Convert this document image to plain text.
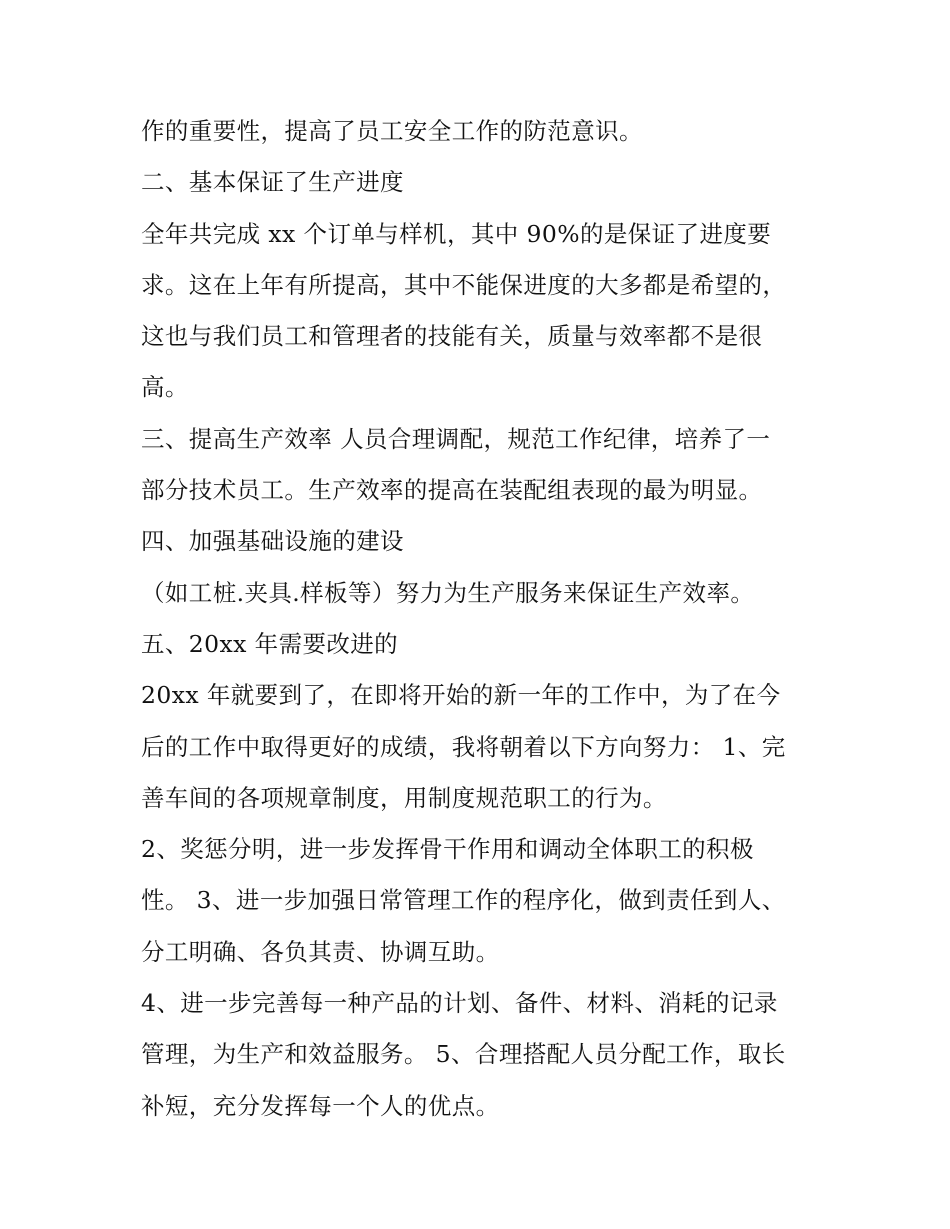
作的重要性，提高了员工安全工作的防范意识。
二、基本保证了生产进度
全年共完成 xx 个订单与样机，其中 90%的是保证了进度要
求。这在上年有所提高，其中不能保进度的大多都是希望的，
这也与我们员工和管理者的技能有关，质量与效率都不是很
高。
三、提高生产效率 人员合理调配，规范工作纪律，培养了一
部分技术员工。生产效率的提高在装配组表现的最为明显。
四、加强基础设施的建设
（如工桩.夹具.样板等）努力为生产服务来保证生产效率。
五、20xx 年需要改进的
20xx 年就要到了，在即将开始的新一年的工作中，为了在今
后的工作中取得更好的成绩，我将朝着以下方向努力： 1、完
善车间的各项规章制度，用制度规范职工的行为。
2、奖惩分明，进一步发挥骨干作用和调动全体职工的积极
性。 3、进一步加强日常管理工作的程序化，做到责任到人、
分工明确、各负其责、协调互助。
4、进一步完善每一种产品的计划、备件、材料、消耗的记录
管理，为生产和效益服务。 5、合理搭配人员分配工作，取长
补短，充分发挥每一个人的优点。
